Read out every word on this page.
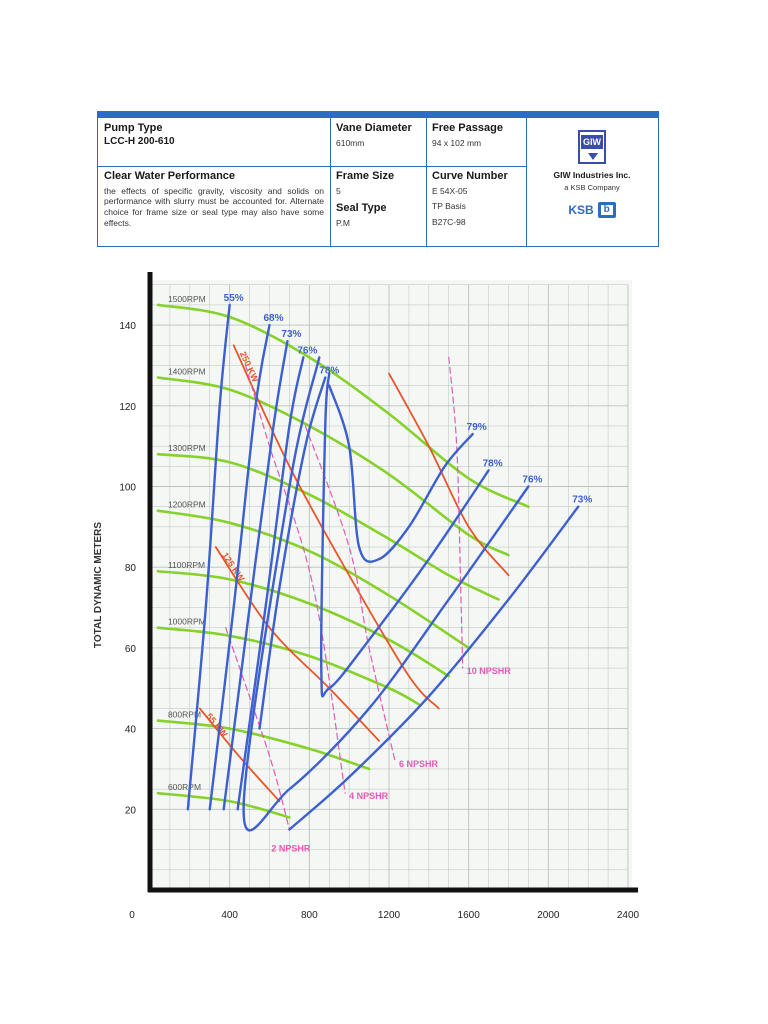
Pump Type
LCC-H 200-610
Clear Water Performance
the effects of specific gravity, viscosity and solids on performance with slurry must be accounted for. Alternate choice for frame size or seal type may also have some effects.
Vane Diameter
610mm
Frame Size
5
Seal Type
P.M
Free Passage
94 x 102 mm
Curve Number
E 54X-05
TP Basis
B27C-98
GIW
GIW Industries Inc.
a KSB Company
KSB b
1500RPM
1400RPM
1300RPM
1200RPM
1100RPM
1000RPM
800RPM
600RPM
250 KW
125 KW
55 KW
2 NPSHR
4 NPSHR
6 NPSHR
10 NPSHR
55%
68%
73%
76%
78%
79%
78%
76%
73%
0	400	800	1200	1600	2000	2400
20
40
60
80
100
120
140
TOTAL DYNAMIC METERS
